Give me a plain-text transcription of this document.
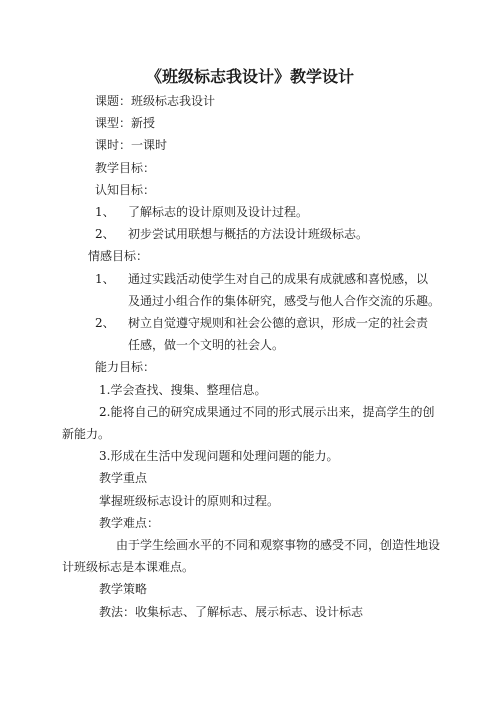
《班级标志我设计》教学设计
课题：班级标志我设计
课型：新授
课时：一课时
教学目标：
认知目标：
1、 了解标志的设计原则及设计过程。
2、 初步尝试用联想与概括的方法设计班级标志。
情感目标：
1、 通过实践活动使学生对自己的成果有成就感和喜悦感，以
及通过小组合作的集体研究，感受与他人合作交流的乐趣。
2、 树立自觉遵守规则和社会公德的意识，形成一定的社会责
任感，做一个文明的社会人。
能力目标：
1.学会查找、搜集、整理信息。
2.能将自己的研究成果通过不同的形式展示出来，提高学生的创
新能力。
3.形成在生活中发现问题和处理问题的能力。
教学重点
掌握班级标志设计的原则和过程。
教学难点：
由于学生绘画水平的不同和观察事物的感受不同，创造性地设
计班级标志是本课难点。
教学策略
教法：收集标志、了解标志、展示标志、设计标志
